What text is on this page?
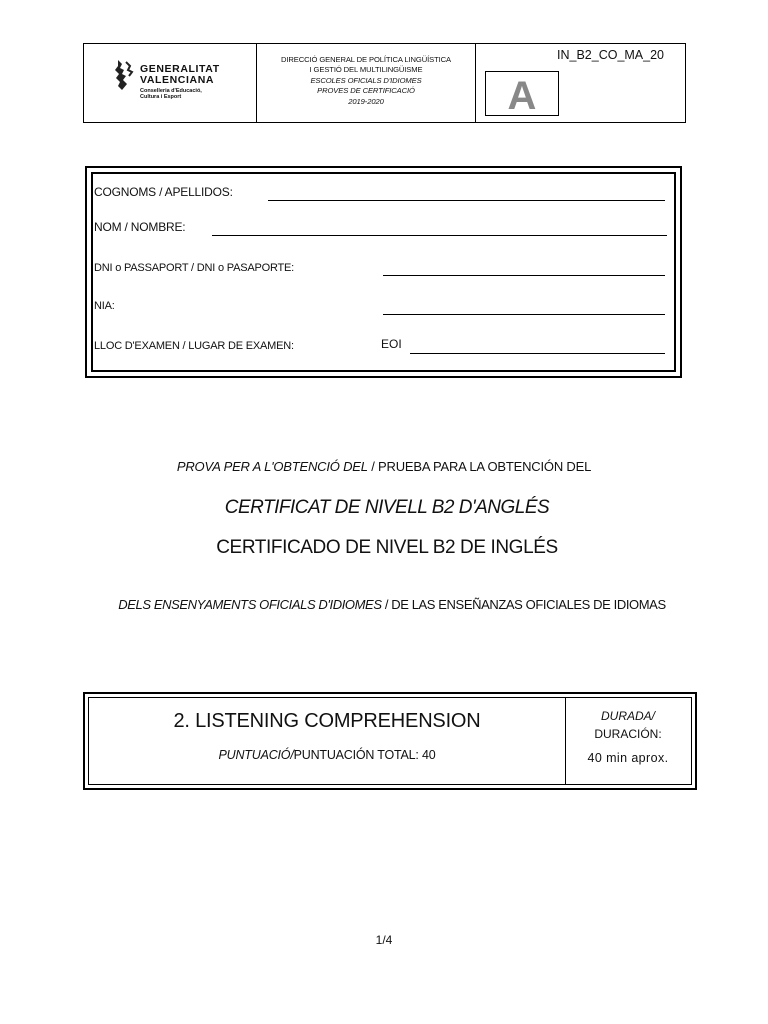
GENERALITAT
VALENCIANA
Conselleria d'Educació,
Cultura i Esport
DIRECCIÓ GENERAL DE POLÍTICA LINGÜÍSTICA
I GESTIÓ DEL MULTILINGÜISME
ESCOLES OFICIALS D'IDIOMES
PROVES DE CERTIFICACIÓ
2019-2020
IN_B2_CO_MA_20
A
COGNOMS / APELLIDOS:
NOM / NOMBRE:
DNI o PASSAPORT / DNI o PASAPORTE:
NIA:
LLOC D'EXAMEN / LUGAR DE EXAMEN:	EOI
PROVA PER A L'OBTENCIÓ DEL / PRUEBA PARA LA OBTENCIÓN DEL
CERTIFICAT DE NIVELL B2 D'ANGLÉS
CERTIFICADO DE NIVEL B2 DE INGLÉS
DELS ENSENYAMENTS OFICIALS D'IDIOMES / DE LAS ENSEÑANZAS OFICIALES DE IDIOMAS
2. LISTENING COMPREHENSION
PUNTUACIÓ/PUNTUACIÓN TOTAL: 40
DURADA/
DURACIÓN:
40 min aprox.
1/4
